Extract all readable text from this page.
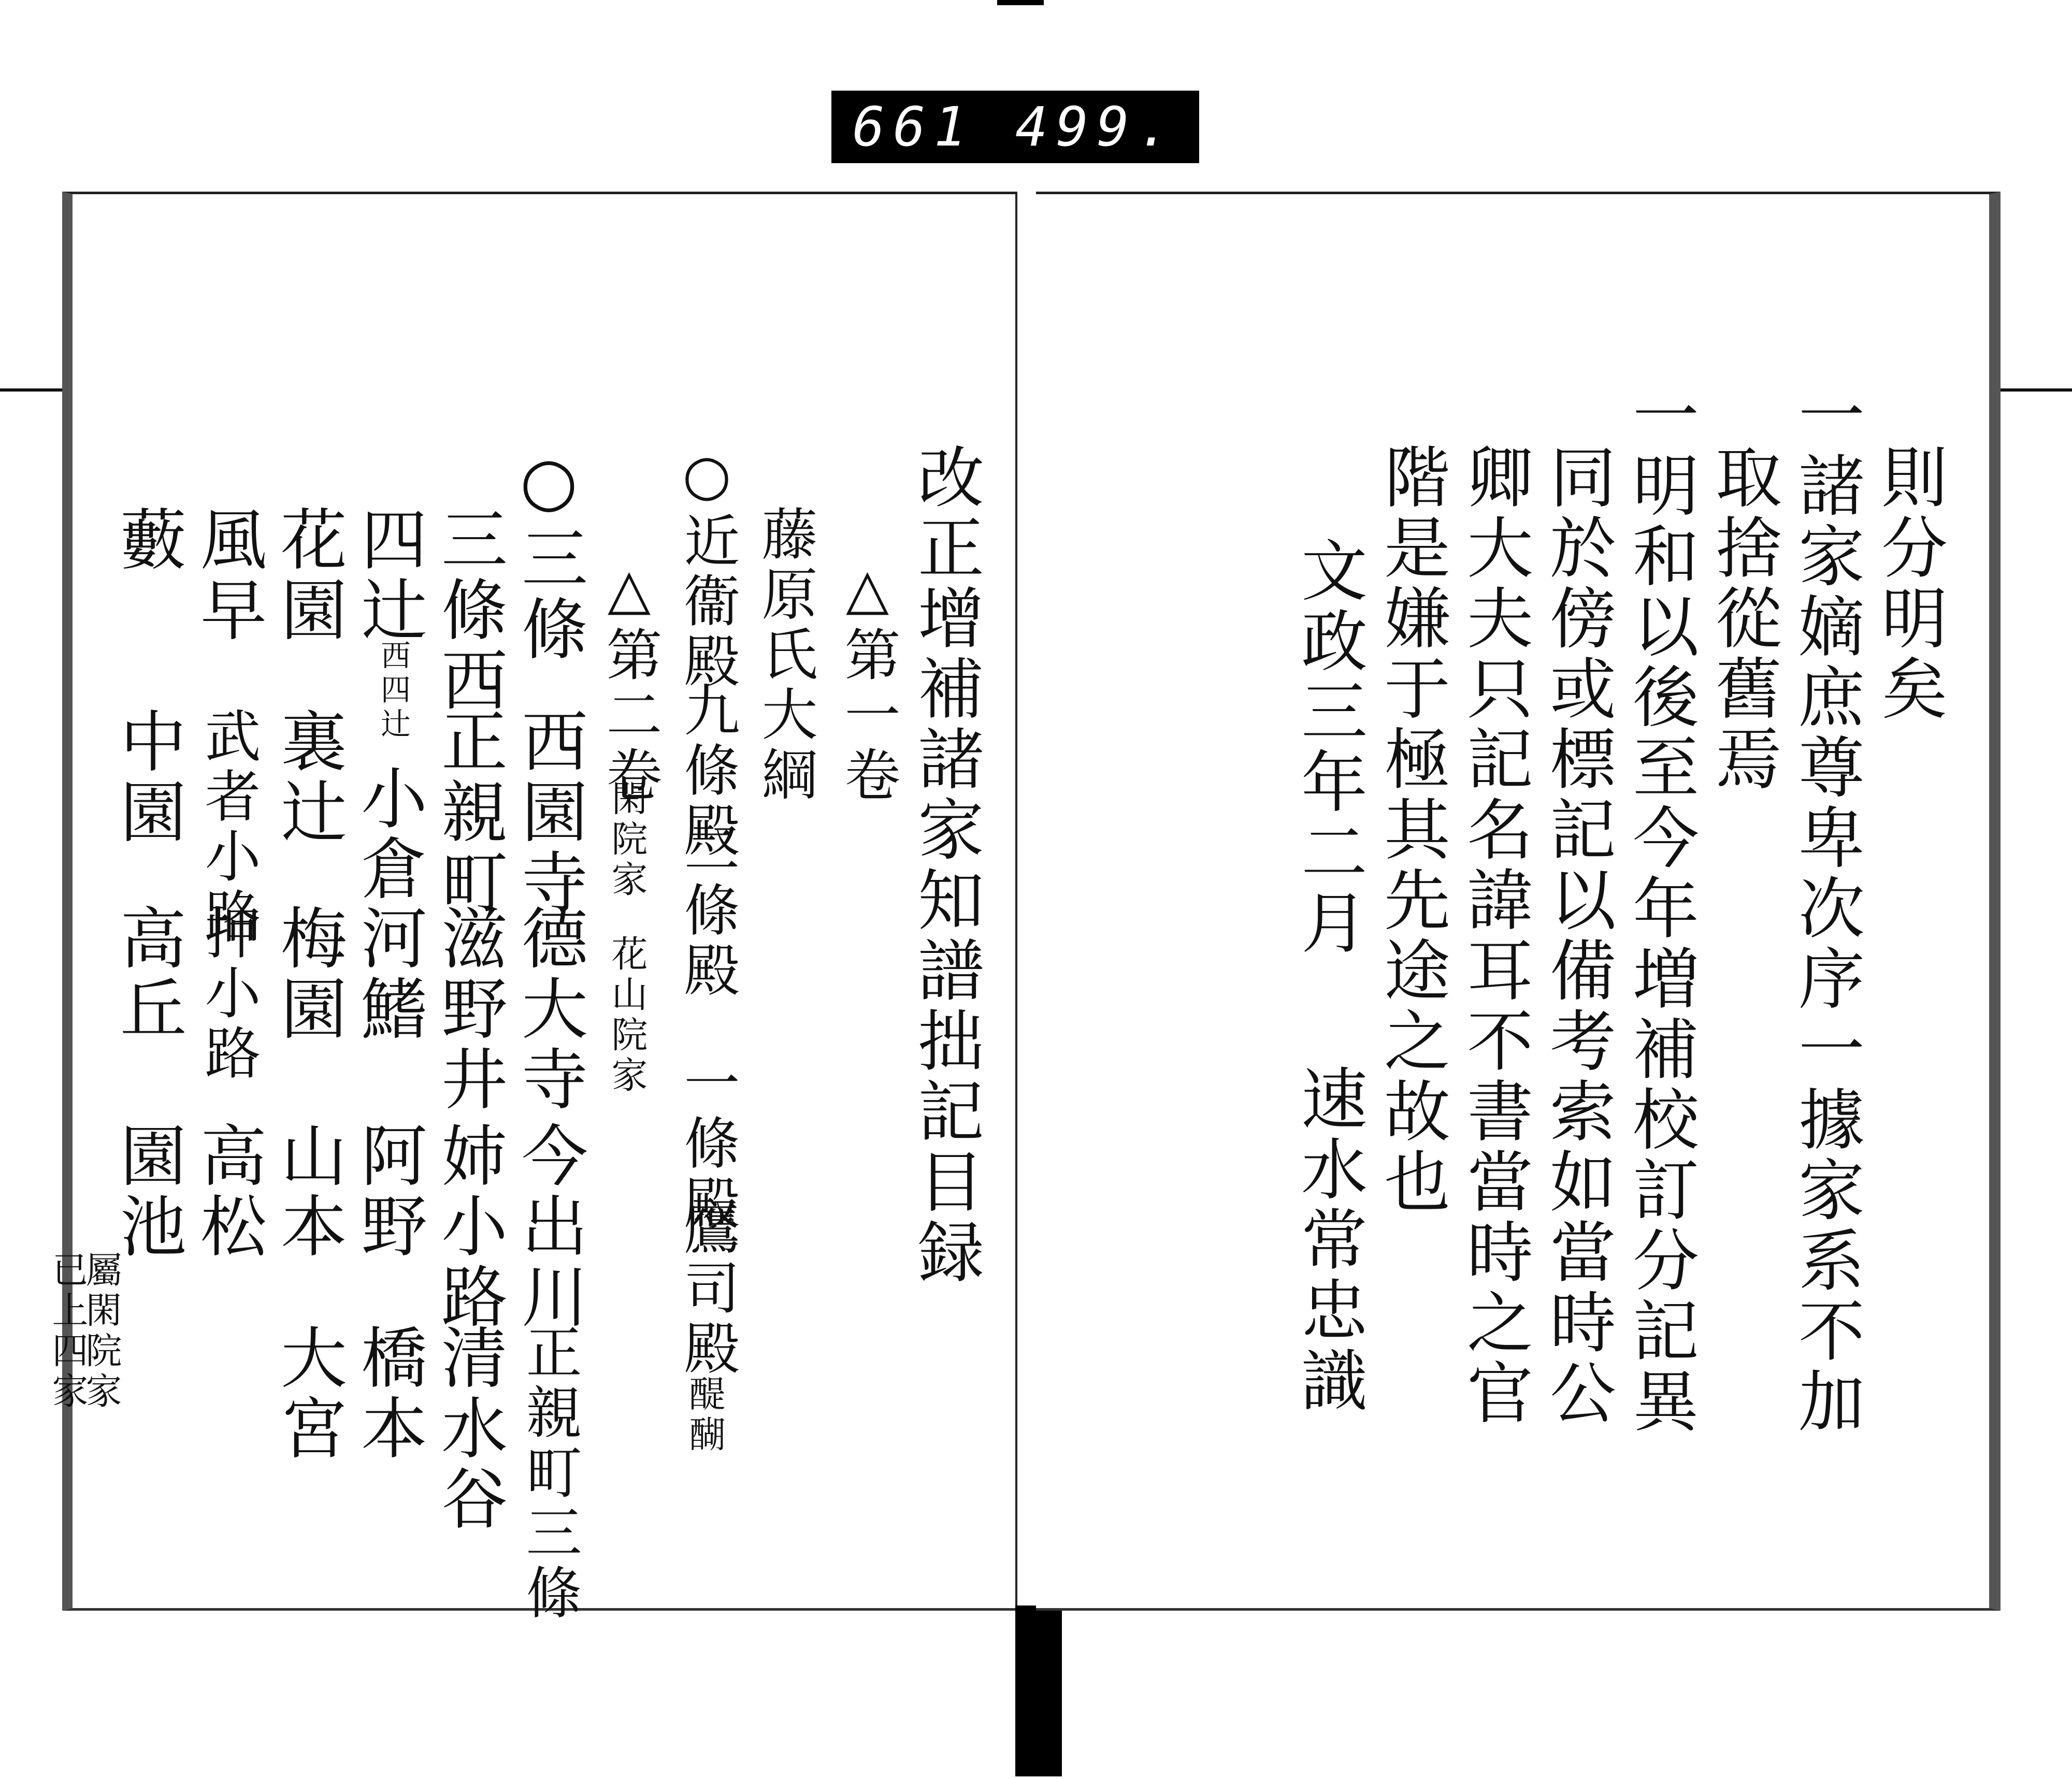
661 499.
改正增補諸家知譜拙記目録
△第一卷
藤原氏大綱
○近衞殿
九條殿
二條殿
一條殿
鷹司殿
醍醐
△第二卷
閑院家
花山院家
○三條
西園寺
德大寺
今出川
正親町三條
三條西
正親町
滋野井
姉小路
清水谷
四辻
西四辻
小倉
河鰭
阿野
橋本
花園
裏辻
梅園
山本
大宮
風早
武者小路
押小路
高松
藪
中園
高丘
園池
屬閑院家
已上四家
則分明矣
一諸家嫡庶尊卑次序一據家系不加
取捨從舊焉
一明和以後至今年増補校訂分記異
同於傍或標記以備考索如當時公
卿大夫只記名諱耳不書當時之官
階是嫌于極其先途之故也
文政三年二月
速水常忠識
